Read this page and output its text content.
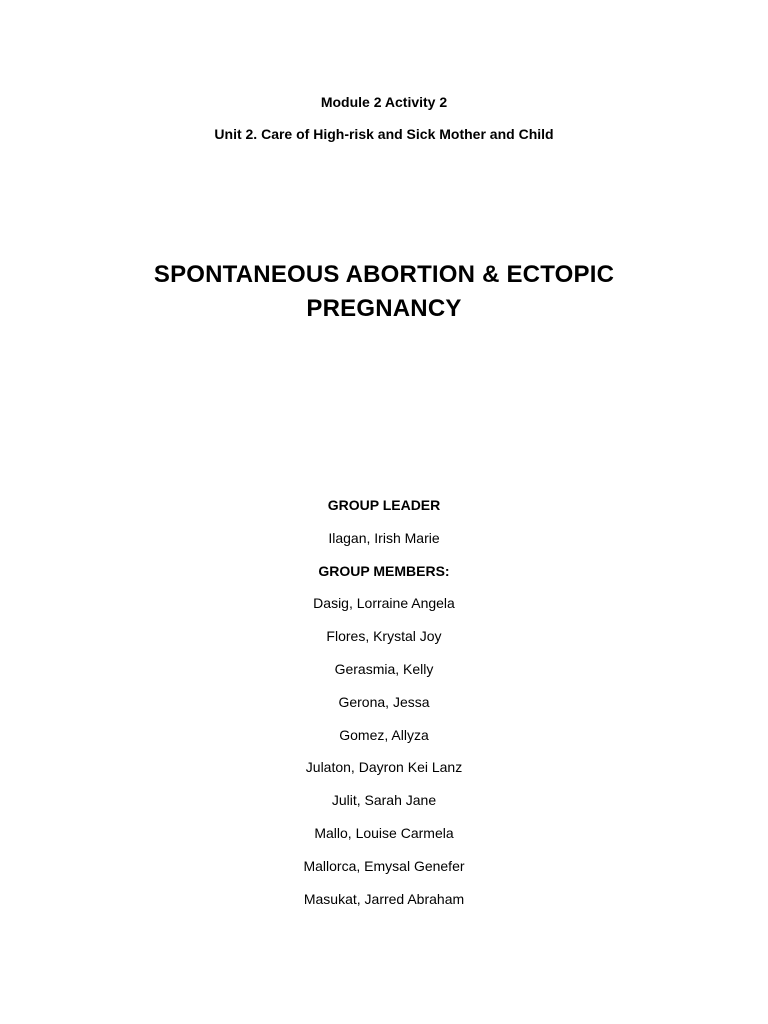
Module 2 Activity 2
Unit 2. Care of High-risk and Sick Mother and Child
SPONTANEOUS ABORTION & ECTOPIC
PREGNANCY
GROUP LEADER
Ilagan, Irish Marie
GROUP MEMBERS:
Dasig, Lorraine Angela
Flores, Krystal Joy
Gerasmia, Kelly
Gerona, Jessa
Gomez, Allyza
Julaton, Dayron Kei Lanz
Julit, Sarah Jane
Mallo, Louise Carmela
Mallorca, Emysal Genefer
Masukat, Jarred Abraham
